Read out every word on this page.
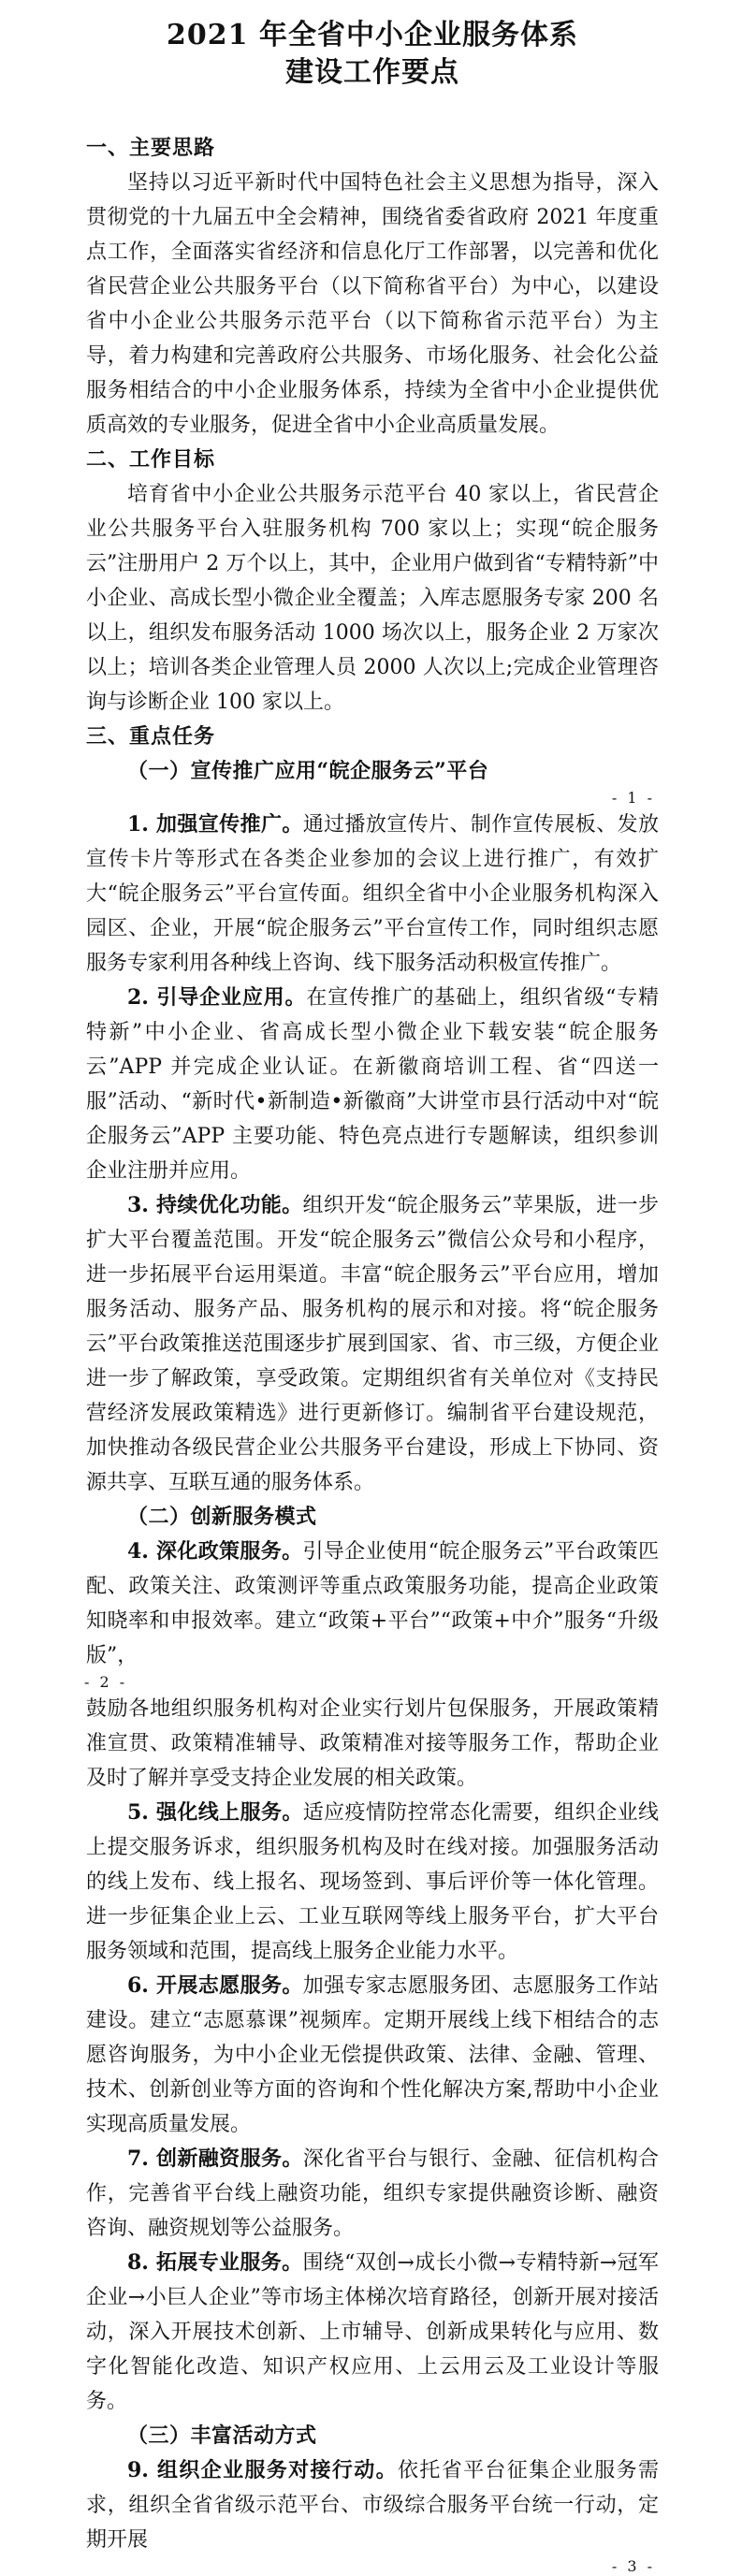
2021 年全省中小企业服务体系
建设工作要点
一、主要思路

坚持以习近平新时代中国特色社会主义思想为指导，深入贯彻党的十九届五中全会精神，围绕省委省政府 2021 年度重点工作，全面落实省经济和信息化厅工作部署，以完善和优化省民营企业公共服务平台（以下简称省平台）为中心，以建设省中小企业公共服务示范平台（以下简称省示范平台）为主导，着力构建和完善政府公共服务、市场化服务、社会化公益服务相结合的中小企业服务体系，持续为全省中小企业提供优质高效的专业服务，促进全省中小企业高质量发展。

二、工作目标

培育省中小企业公共服务示范平台 40 家以上，省民营企业公共服务平台入驻服务机构 700 家以上；实现“皖企服务云”注册用户 2 万个以上，其中，企业用户做到省“专精特新”中小企业、高成长型小微企业全覆盖；入库志愿服务专家 200 名以上，组织发布服务活动 1000 场次以上，服务企业 2 万家次以上；培训各类企业管理人员 2000 人次以上;完成企业管理咨询与诊断企业 100 家以上。

三、重点任务
（一）宣传推广应用“皖企服务云”平台
- 1 -

1. 加强宣传推广。通过播放宣传片、制作宣传展板、发放宣传卡片等形式在各类企业参加的会议上进行推广，有效扩大“皖企服务云”平台宣传面。组织全省中小企业服务机构深入园区、企业，开展“皖企服务云”平台宣传工作，同时组织志愿服务专家利用各种线上咨询、线下服务活动积极宣传推广。

2. 引导企业应用。在宣传推广的基础上，组织省级“专精特新”中小企业、省高成长型小微企业下载安装“皖企服务云”APP 并完成企业认证。在新徽商培训工程、省“四送一服”活动、“新时代•新制造•新徽商”大讲堂市县行活动中对“皖企服务云”APP 主要功能、特色亮点进行专题解读，组织参训企业注册并应用。

3. 持续优化功能。组织开发“皖企服务云”苹果版，进一步扩大平台覆盖范围。开发“皖企服务云”微信公众号和小程序，进一步拓展平台运用渠道。丰富“皖企服务云”平台应用，增加服务活动、服务产品、服务机构的展示和对接。将“皖企服务云”平台政策推送范围逐步扩展到国家、省、市三级，方便企业进一步了解政策，享受政策。定期组织省有关单位对《支持民营经济发展政策精选》进行更新修订。编制省平台建设规范，加快推动各级民营企业公共服务平台建设，形成上下协同、资源共享、互联互通的服务体系。

（二）创新服务模式

4. 深化政策服务。引导企业使用“皖企服务云”平台政策匹配、政策关注、政策测评等重点政策服务功能，提高企业政策知晓率和申报效率。建立“政策+平台”“政策+中介”服务“升级版”，

- 2 -

鼓励各地组织服务机构对企业实行划片包保服务，开展政策精准宣贯、政策精准辅导、政策精准对接等服务工作，帮助企业及时了解并享受支持企业发展的相关政策。

5. 强化线上服务。适应疫情防控常态化需要，组织企业线上提交服务诉求，组织服务机构及时在线对接。加强服务活动的线上发布、线上报名、现场签到、事后评价等一体化管理。进一步征集企业上云、工业互联网等线上服务平台，扩大平台服务领域和范围，提高线上服务企业能力水平。

6. 开展志愿服务。加强专家志愿服务团、志愿服务工作站建设。建立“志愿慕课”视频库。定期开展线上线下相结合的志愿咨询服务，为中小企业无偿提供政策、法律、金融、管理、技术、创新创业等方面的咨询和个性化解决方案,帮助中小企业实现高质量发展。

7. 创新融资服务。深化省平台与银行、金融、征信机构合作，完善省平台线上融资功能，组织专家提供融资诊断、融资咨询、融资规划等公益服务。

8. 拓展专业服务。围绕“双创→成长小微→专精特新→冠军企业→小巨人企业”等市场主体梯次培育路径，创新开展对接活动，深入开展技术创新、上市辅导、创新成果转化与应用、数字化智能化改造、知识产权应用、上云用云及工业设计等服务。

（三）丰富活动方式

9. 组织企业服务对接行动。依托省平台征集企业服务需求，组织全省省级示范平台、市级综合服务平台统一行动，定期开展

- 3 -
